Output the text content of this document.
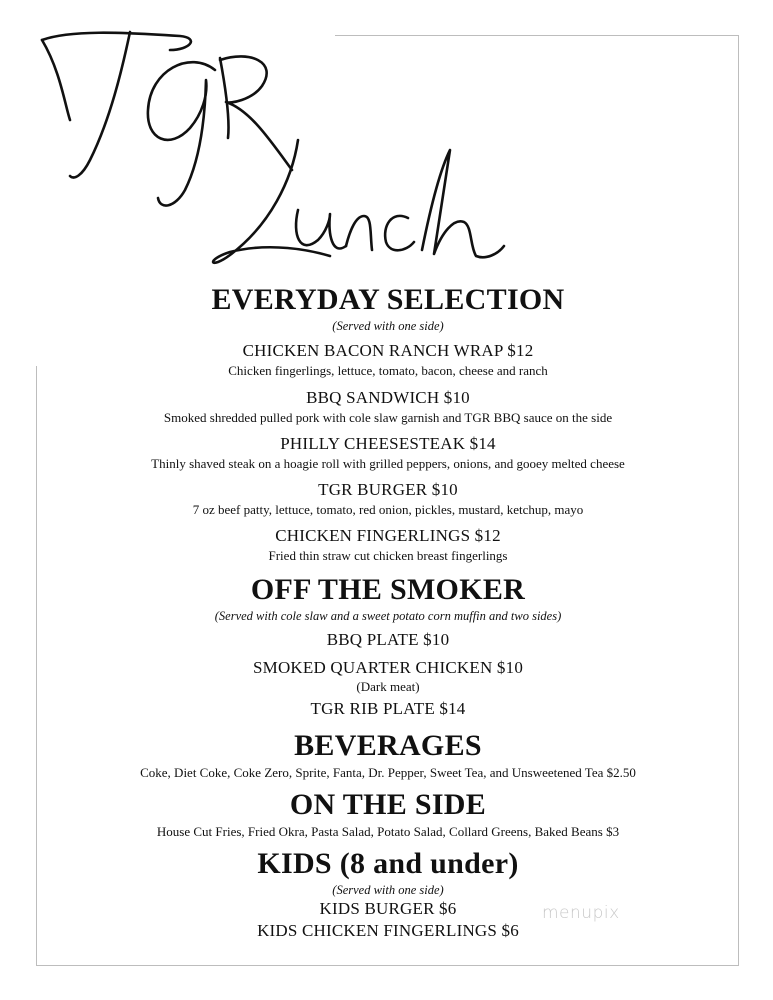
EVERYDAY SELECTION

(Served with one side)

CHICKEN BACON RANCH WRAP $12

Chicken fingerlings, lettuce, tomato, bacon, cheese and ranch

BBQ SANDWICH $10

Smoked shredded pulled pork with cole slaw garnish and TGR BBQ sauce on the side

PHILLY CHEESESTEAK $14

Thinly shaved steak on a hoagie roll with grilled peppers, onions, and gooey melted cheese

TGR BURGER $10

7 oz beef patty, lettuce, tomato, red onion, pickles, mustard, ketchup, mayo

CHICKEN FINGERLINGS $12

Fried thin straw cut chicken breast fingerlings

OFF THE SMOKER

(Served with cole slaw and a sweet potato corn muffin and two sides)

BBQ PLATE $10

SMOKED QUARTER CHICKEN $10

(Dark meat)

TGR RIB PLATE $14

BEVERAGES

Coke, Diet Coke, Coke Zero, Sprite, Fanta, Dr. Pepper, Sweet Tea, and Unsweetened Tea $2.50

ON THE SIDE

House Cut Fries, Fried Okra, Pasta Salad, Potato Salad, Collard Greens, Baked Beans $3

KIDS (8 and under)

(Served with one side)

KIDS BURGER $6

KIDS CHICKEN FINGERLINGS $6

menupix
